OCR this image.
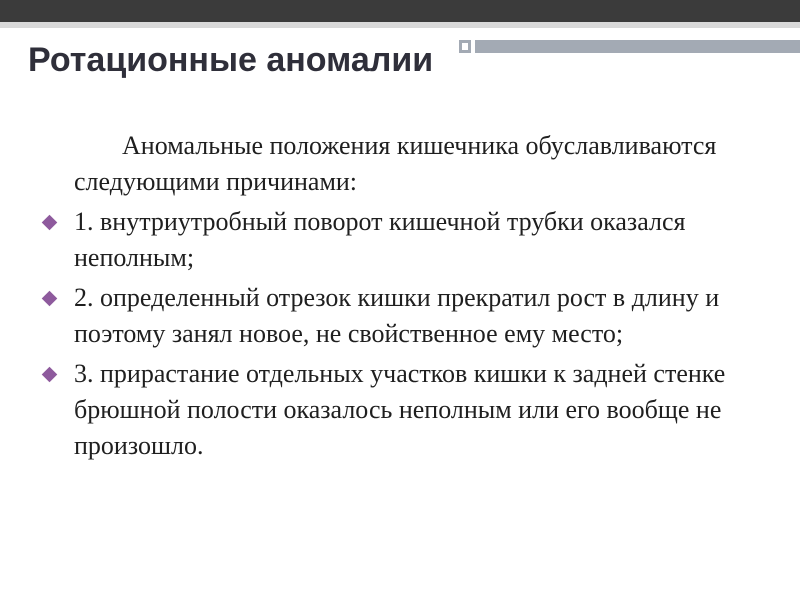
Ротационные аномалии

Аномальные положения кишечника обуславливаются следующими причинами:

1. внутриутробный поворот кишечной трубки оказался неполным;
2. определенный отрезок кишки прекратил рост в длину и поэтому занял новое, не свойственное ему место;
3. прирастание отдельных участков кишки к задней стенке брюшной полости оказалось неполным или его вообще не произошло.
